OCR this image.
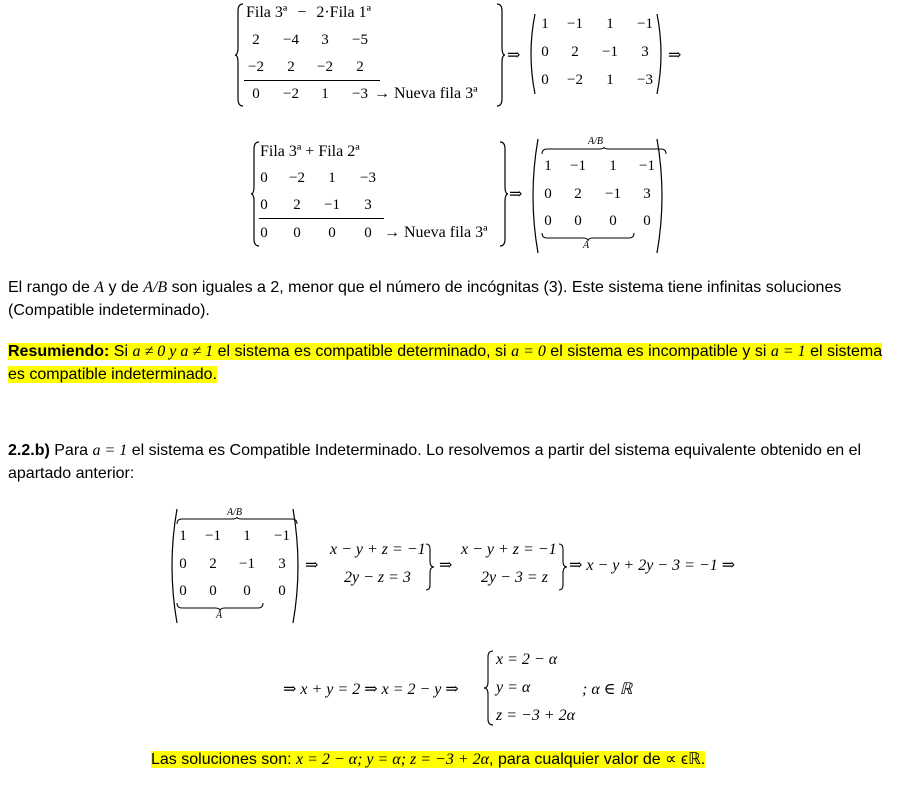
Fila 3ª − 2·Fila 1ª
2	−4	3	−5
−2	2	−2	2
0	−2	1	−3 → Nueva fila 3ª
⇒
1	−1	1	−1
0	2	−1	3
0	−2	1	−3
⇒
Fila 3ª + Fila 2ª
0	−2	1	−3
0	2	−1	3
0	0	0	0 → Nueva fila 3ª
⇒
A/B
1	−1	1	−1
0	2	−1	3
0	0	0	0
A
El rango de A y de A/B son iguales a 2, menor que el número de incógnitas (3). Este sistema tiene infinitas soluciones (Compatible indeterminado).
Resumiendo: Si a ≠ 0 y a ≠ 1 el sistema es compatible determinado, si a = 0 el sistema es incompatible y si a = 1 el sistema es compatible indeterminado.
2.2.b) Para a = 1 el sistema es Compatible Indeterminado. Lo resolvemos a partir del sistema equivalente obtenido en el apartado anterior:
A/B
1	−1	1	−1
0	2	−1	3
0	0	0	0
A
⇒
x − y + z = −1
2y − z = 3
⇒
x − y + z = −1
2y − 3 = z
⇒ x − y + 2y − 3 = −1 ⇒
⇒ x + y = 2 ⇒ x = 2 − y ⇒
x = 2 − α
y = α
z = −3 + 2α
; α ∈ ℝ
Las soluciones son: x = 2 − α; y = α; z = −3 + 2α, para cualquier valor de ∝ ϵℝ.
